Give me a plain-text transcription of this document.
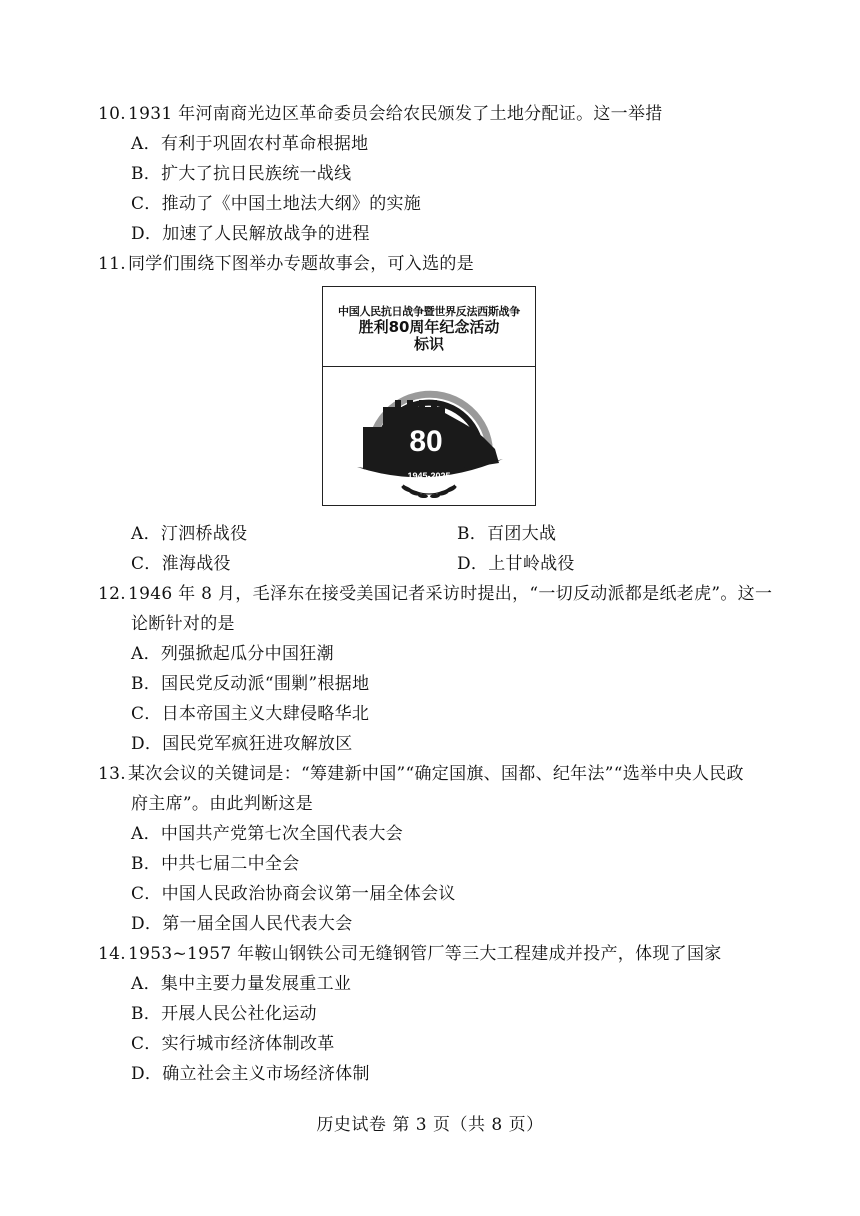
10. 1931 年河南商光边区革命委员会给农民颁发了土地分配证。这一举措
A．有利于巩固农村革命根据地
B．扩大了抗日民族统一战线
C．推动了《中国土地法大纲》的实施
D．加速了人民解放战争的进程
11. 同学们围绕下图举办专题故事会，可入选的是
中国人民抗日战争暨世界反法西斯战争
胜利80周年纪念活动
标识
80
1945-2025
A．汀泗桥战役	B．百团大战
C．淮海战役	D．上甘岭战役
12. 1946 年 8 月，毛泽东在接受美国记者采访时提出，“一切反动派都是纸老虎”。这一
论断针对的是
A．列强掀起瓜分中国狂潮
B．国民党反动派“围剿”根据地
C．日本帝国主义大肆侵略华北
D．国民党军疯狂进攻解放区
13. 某次会议的关键词是：“筹建新中国”“确定国旗、国都、纪年法”“选举中央人民政
府主席”。由此判断这是
A．中国共产党第七次全国代表大会
B．中共七届二中全会
C．中国人民政治协商会议第一届全体会议
D．第一届全国人民代表大会
14. 1953~1957 年鞍山钢铁公司无缝钢管厂等三大工程建成并投产，体现了国家
A．集中主要力量发展重工业
B．开展人民公社化运动
C．实行城市经济体制改革
D．确立社会主义市场经济体制
历史试卷 第 3 页（共 8 页）
